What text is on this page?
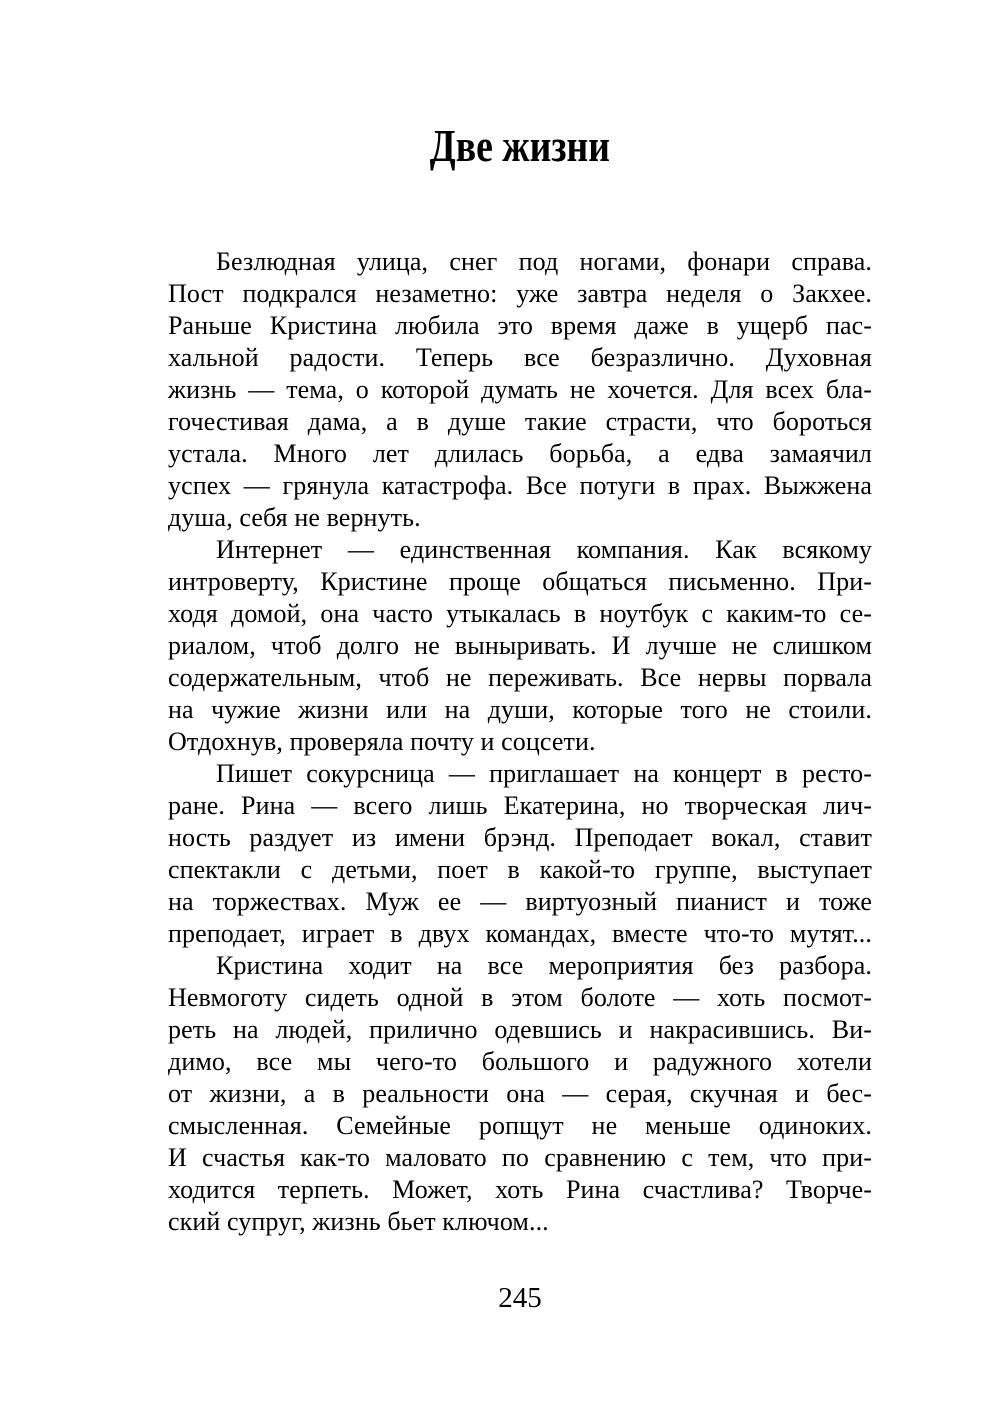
Две жизни
Безлюдная улица, снег под ногами, фонари справа.
Пост подкрался незаметно: уже завтра неделя о Закхее.
Раньше Кристина любила это время даже в ущерб пас-
хальной радости. Теперь все безразлично. Духовная
жизнь — тема, о которой думать не хочется. Для всех бла-
гочестивая дама, а в душе такие страсти, что бороться
устала. Много лет длилась борьба, а едва замаячил
успех — грянула катастрофа. Все потуги в прах. Выжжена
душа, себя не вернуть.
Интернет — единственная компания. Как всякому
интроверту, Кристине проще общаться письменно. При-
ходя домой, она часто утыкалась в ноутбук с каким-то се-
риалом, чтоб долго не выныривать. И лучше не слишком
содержательным, чтоб не переживать. Все нервы порвала
на чужие жизни или на души, которые того не стоили.
Отдохнув, проверяла почту и соцсети.
Пишет сокурсница — приглашает на концерт в ресто-
ране. Рина — всего лишь Екатерина, но творческая лич-
ность раздует из имени брэнд. Преподает вокал, ставит
спектакли с детьми, поет в какой-то группе, выступает
на торжествах. Муж ее — виртуозный пианист и тоже
преподает, играет в двух командах, вместе что-то мутят...
Кристина ходит на все мероприятия без разбора.
Невмоготу сидеть одной в этом болоте — хоть посмот-
реть на людей, прилично одевшись и накрасившись. Ви-
димо, все мы чего-то большого и радужного хотели
от жизни, а в реальности она — серая, скучная и бес-
смысленная. Семейные ропщут не меньше одиноких.
И счастья как-то маловато по сравнению с тем, что при-
ходится терпеть. Может, хоть Рина счастлива? Творче-
ский супруг, жизнь бьет ключом...
245
